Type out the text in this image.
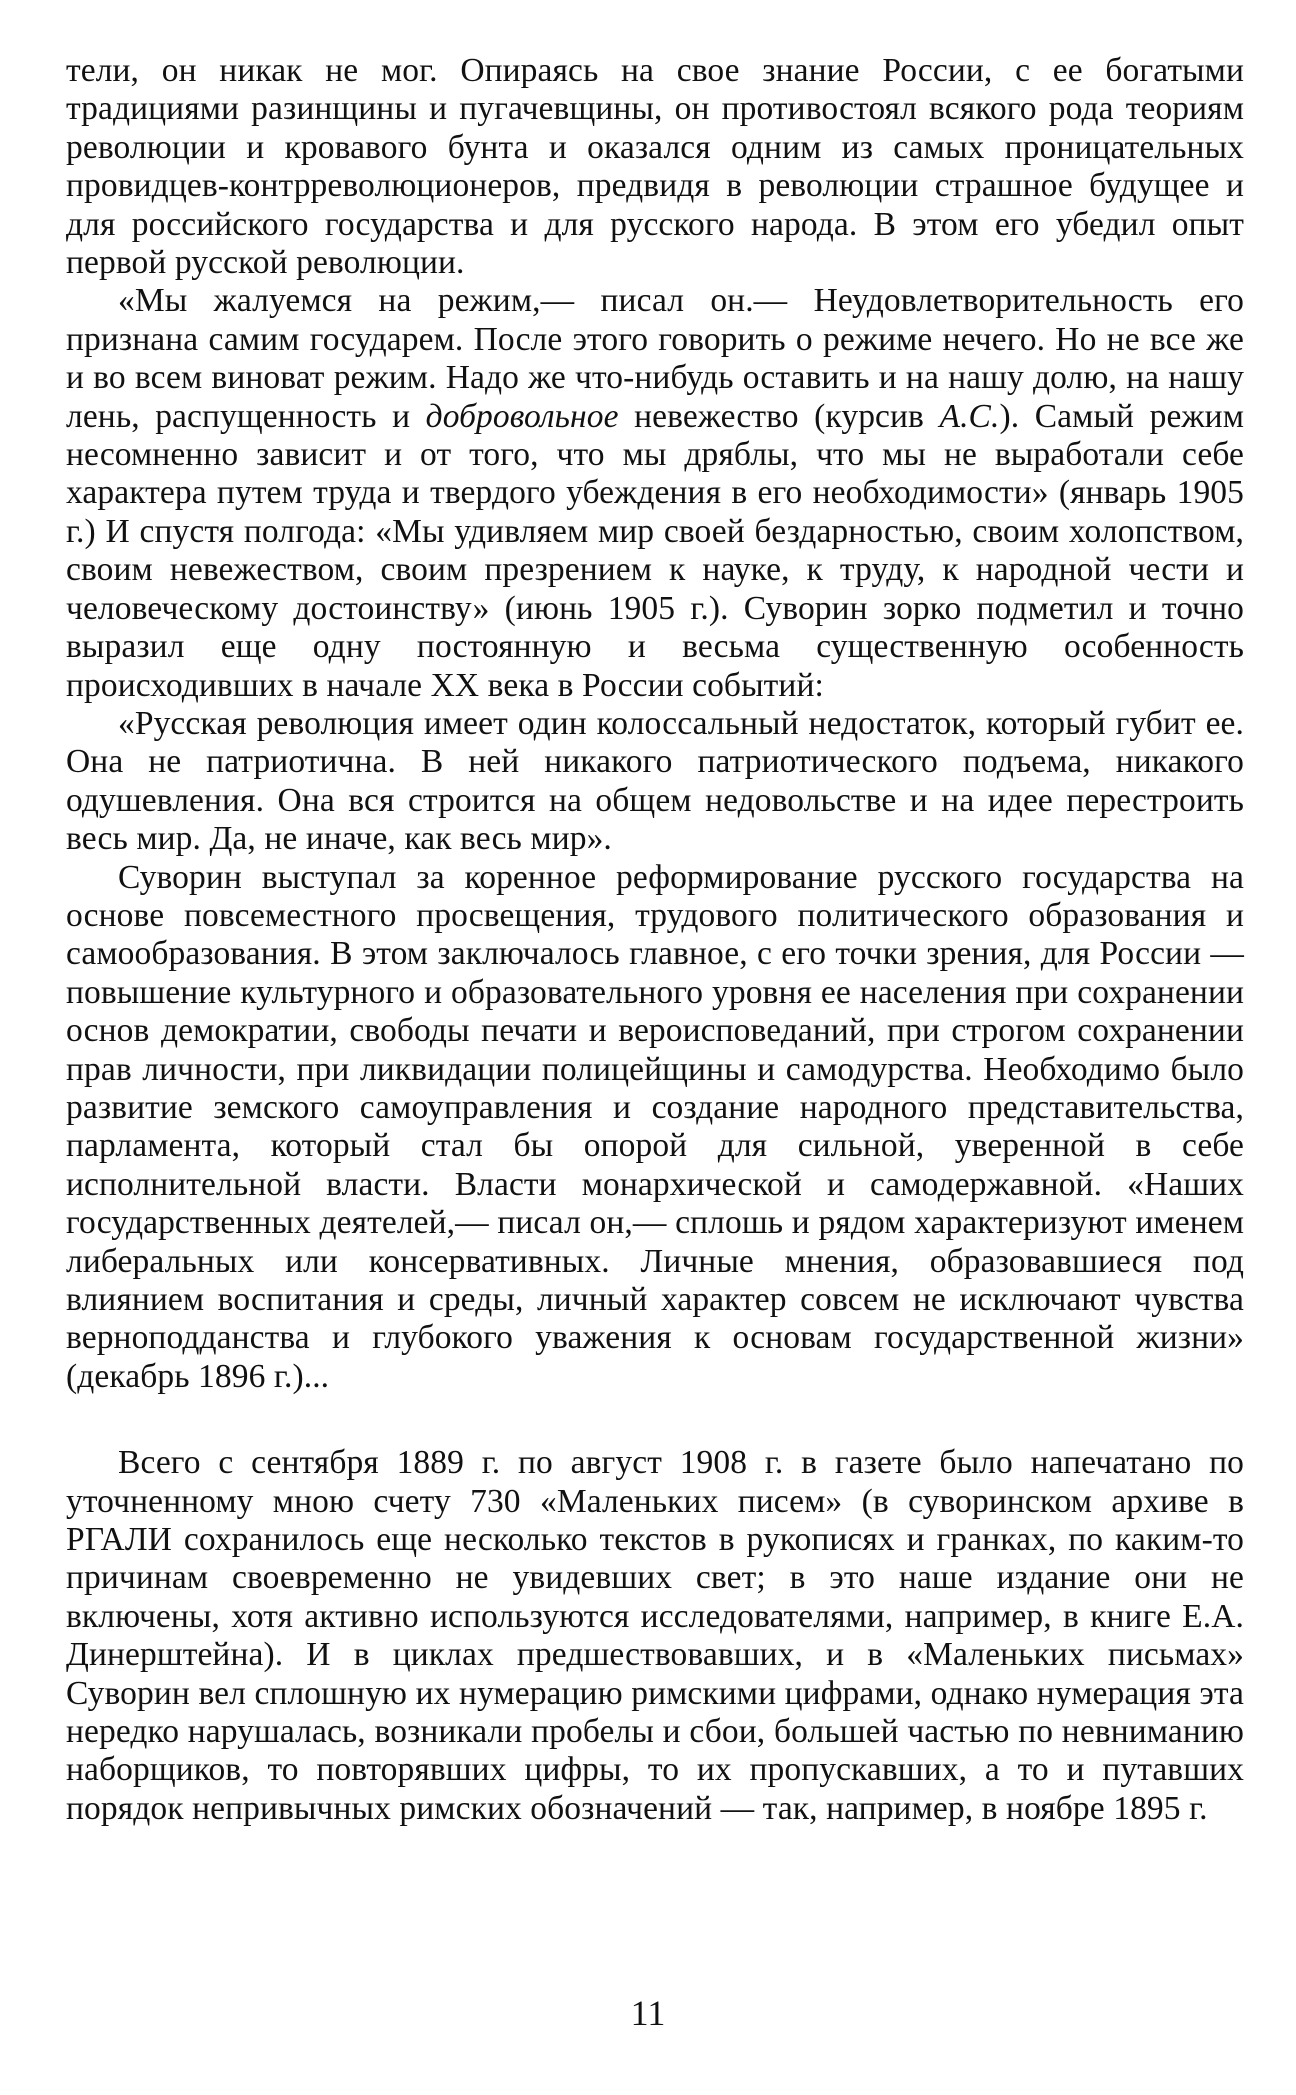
тели, он никак не мог. Опираясь на свое знание России, с ее богатыми традициями разинщины и пугачевщины, он противостоял всякого рода теориям революции и кровавого бунта и оказался одним из самых проницательных провидцев-контрреволюционеров, предвидя в революции страшное будущее и для российского государства и для русского народа. В этом его убедил опыт первой русской революции.

«Мы жалуемся на режим,— писал он.— Неудовлетворительность его признана самим государем. После этого говорить о режиме нечего. Но не все же и во всем виноват режим. Надо же что-нибудь оставить и на нашу долю, на нашу лень, распущенность и добровольное невежество (курсив А.С.). Самый режим несомненно зависит и от того, что мы дряблы, что мы не выработали себе характера путем труда и твердого убеждения в его необходимости» (январь 1905 г.) И спустя полгода: «Мы удивляем мир своей бездарностью, своим холопством, своим невежеством, своим презрением к науке, к труду, к народной чести и человеческому достоинству» (июнь 1905 г.). Суворин зорко подметил и точно выразил еще одну постоянную и весьма существенную особенность происходивших в начале XX века в России событий:

«Русская революция имеет один колоссальный недостаток, который губит ее. Она не патриотична. В ней никакого патриотического подъема, никакого одушевления. Она вся строится на общем недовольстве и на идее перестроить весь мир. Да, не иначе, как весь мир».

Суворин выступал за коренное реформирование русского государства на основе повсеместного просвещения, трудового политического образования и самообразования. В этом заключалось главное, с его точки зрения, для России — повышение культурного и образовательного уровня ее населения при сохранении основ демократии, свободы печати и вероисповеданий, при строгом сохранении прав личности, при ликвидации полицейщины и самодурства. Необходимо было развитие земского самоуправления и создание народного представительства, парламента, который стал бы опорой для сильной, уверенной в себе исполнительной власти. Власти монархической и самодержавной. «Наших государственных деятелей,— писал он,— сплошь и рядом характеризуют именем либеральных или консервативных. Личные мнения, образовавшиеся под влиянием воспитания и среды, личный характер совсем не исключают чувства верноподданства и глубокого уважения к основам государственной жизни» (декабрь 1896 г.)...

Всего с сентября 1889 г. по август 1908 г. в газете было напечатано по уточненному мною счету 730 «Маленьких писем» (в суворинском архиве в РГАЛИ сохранилось еще несколько текстов в рукописях и гранках, по каким-то причинам своевременно не увидевших свет; в это наше издание они не включены, хотя активно используются исследователями, например, в книге Е.А. Динерштейна). И в циклах предшествовавших, и в «Маленьких письмах» Суворин вел сплошную их нумерацию римскими цифрами, однако нумерация эта нередко нарушалась, возникали пробелы и сбои, большей частью по невниманию наборщиков, то повторявших цифры, то их пропускавших, а то и путавших порядок непривычных римских обозначений — так, например, в ноябре 1895 г.

11
